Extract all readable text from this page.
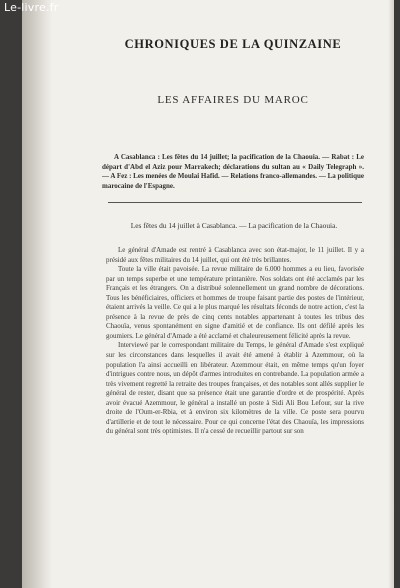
CHRONIQUES DE LA QUINZAINE
LES AFFAIRES DU MAROC

A Casablanca : Les fêtes du 14 juillet; la pacification de la Chaouia. — Rabat : Le départ d'Abd el Aziz pour Marrakech; déclarations du sultan au « Daily Telegraph ». — A Fez : Les menées de Moulai Hafid. — Relations franco-allemandes. — La politique marocaine de l'Espagne.

Les fêtes du 14 juillet à Casablanca. — La pacification de la Chaouia.

Le général d'Amade est rentré à Casablanca avec son état-major, le 11 juillet. Il y a présidé aux fêtes militaires du 14 juillet, qui ont été très brillantes.

Toute la ville était pavoisée. La revue militaire de 6.000 hommes a eu lieu, favorisée par un temps superbe et une température printanière. Nos soldats ont été acclamés par les Français et les étrangers. On a distribué solennellement un grand nombre de décorations. Tous les bénéficiaires, officiers et hommes de troupe faisant partie des postes de l'intérieur, étaient arrivés la veille. Ce qui a le plus marqué les résultats féconds de notre action, c'est la présence à la revue de près de cinq cents notables appartenant à toutes les tribus des Chaouïa, venus spontanément en signe d'amitié et de confiance. Ils ont défilé après les goumiers. Le général d'Amade a été acclamé et chaleureusement félicité après la revue.

Interviewé par le correspondant militaire du Temps, le général d'Amade s'est expliqué sur les circonstances dans lesquelles il avait été amené à établir à Azemmour, où la population l'a ainsi accueilli en libérateur. Azemmour était, en même temps qu'un foyer d'intrigues contre nous, un dépôt d'armes introduites en contrebande. La population armée a très vivement regretté la retraite des troupes françaises, et des notables sont allés supplier le général de rester, disant que sa présence était une garantie d'ordre et de prospérité. Après avoir évacué Azemmour, le général a installé un poste à Sidi Ali Bou Lefour, sur la rive droite de l'Oum-er-Rbia, et à environ six kilomètres de la ville. Ce poste sera pourvu d'artillerie et de tout le nécessaire. Pour ce qui concerne l'état des Chaouïa, les impressions du général sont très optimistes. Il n'a cessé de recueillir partout sur son

Le-livre.fr
